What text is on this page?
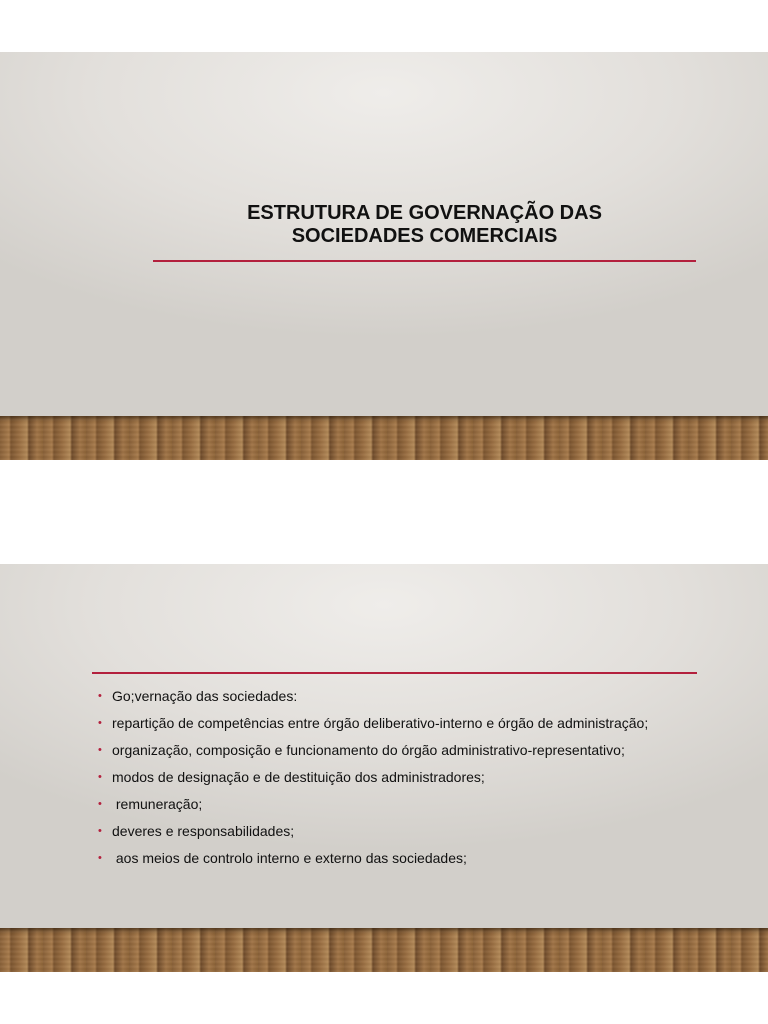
ESTRUTURA DE GOVERNAÇÃO DAS
SOCIEDADES COMERCIAIS
• Go;vernação das sociedades:
• repartição de competências entre órgão deliberativo-interno e órgão de administração;
• organização, composição e funcionamento do órgão administrativo-representativo;
• modos de designação e de destituição dos administradores;
• remuneração;
• deveres e responsabilidades;
• aos meios de controlo interno e externo das sociedades;
